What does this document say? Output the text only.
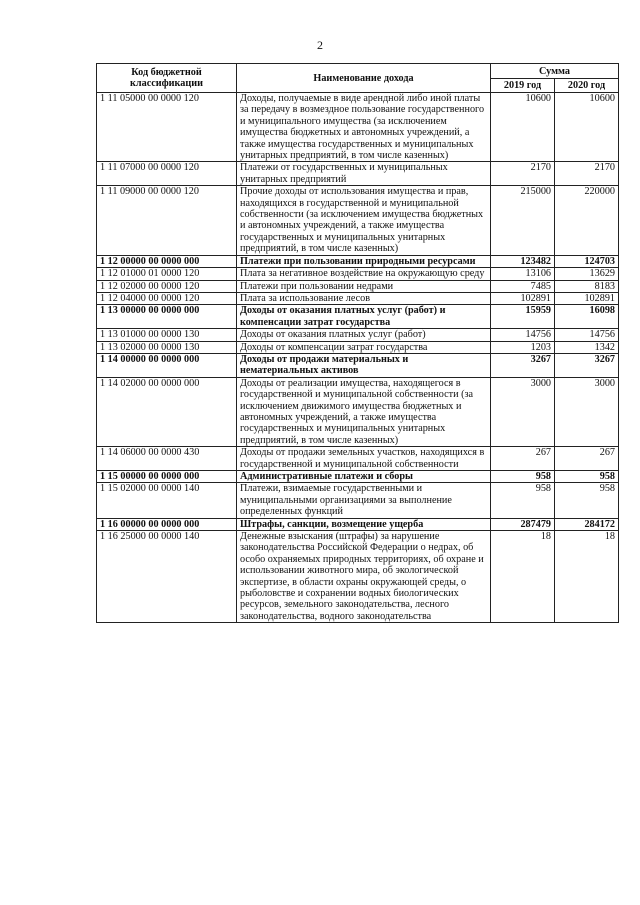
2
Код бюджетной классификации	Наименование дохода	Сумма	
		2019 год	2020 год
1 11 05000 00 0000 120	Доходы, получаемые в виде арендной либо иной платы за передачу в возмездное пользование государственного и муниципального имущества (за исключением имущества бюджетных и автономных учреждений, а также имущества государственных и муниципальных унитарных предприятий, в том числе казенных)	10600	10600
1 11 07000 00 0000 120	Платежи от государственных и муниципальных унитарных предприятий	2170	2170
1 11 09000 00 0000 120	Прочие доходы от использования имущества и прав, находящихся в государственной и муниципальной собственности (за исключением имущества бюджетных и автономных учреждений, а также имущества государственных и муниципальных унитарных предприятий, в том числе казенных)	215000	220000
1 12 00000 00 0000 000	Платежи при пользовании природными ресурсами	123482	124703
1 12 01000 01 0000 120	Плата за негативное воздействие на окружающую среду	13106	13629
1 12 02000 00 0000 120	Платежи при пользовании недрами	7485	8183
1 12 04000 00 0000 120	Плата за использование лесов	102891	102891
1 13 00000 00 0000 000	Доходы от оказания платных услуг (работ) и компенсации затрат государства	15959	16098
1 13 01000 00 0000 130	Доходы от оказания платных услуг (работ)	14756	14756
1 13 02000 00 0000 130	Доходы от компенсации затрат государства	1203	1342
1 14 00000 00 0000 000	Доходы от продажи материальных и нематериальных активов	3267	3267
1 14 02000 00 0000 000	Доходы от реализации имущества, находящегося в государственной и муниципальной собственности (за исключением движимого имущества бюджетных и автономных учреждений, а также имущества государственных и муниципальных унитарных предприятий, в том числе казенных)	3000	3000
1 14 06000 00 0000 430	Доходы от продажи земельных участков, находящихся в государственной и муниципальной собственности	267	267
1 15 00000 00 0000 000	Административные платежи и сборы	958	958
1 15 02000 00 0000 140	Платежи, взимаемые государственными и муниципальными организациями за выполнение определенных функций	958	958
1 16 00000 00 0000 000	Штрафы, санкции, возмещение ущерба	287479	284172
1 16 25000 00 0000 140	Денежные взыскания (штрафы) за нарушение законодательства Российской Федерации о недрах, об особо охраняемых природных территориях, об охране и использовании животного мира, об экологической экспертизе, в области охраны окружающей среды, о рыболовстве и сохранении водных биологических ресурсов, земельного законодательства, лесного законодательства, водного законодательства	18	18
